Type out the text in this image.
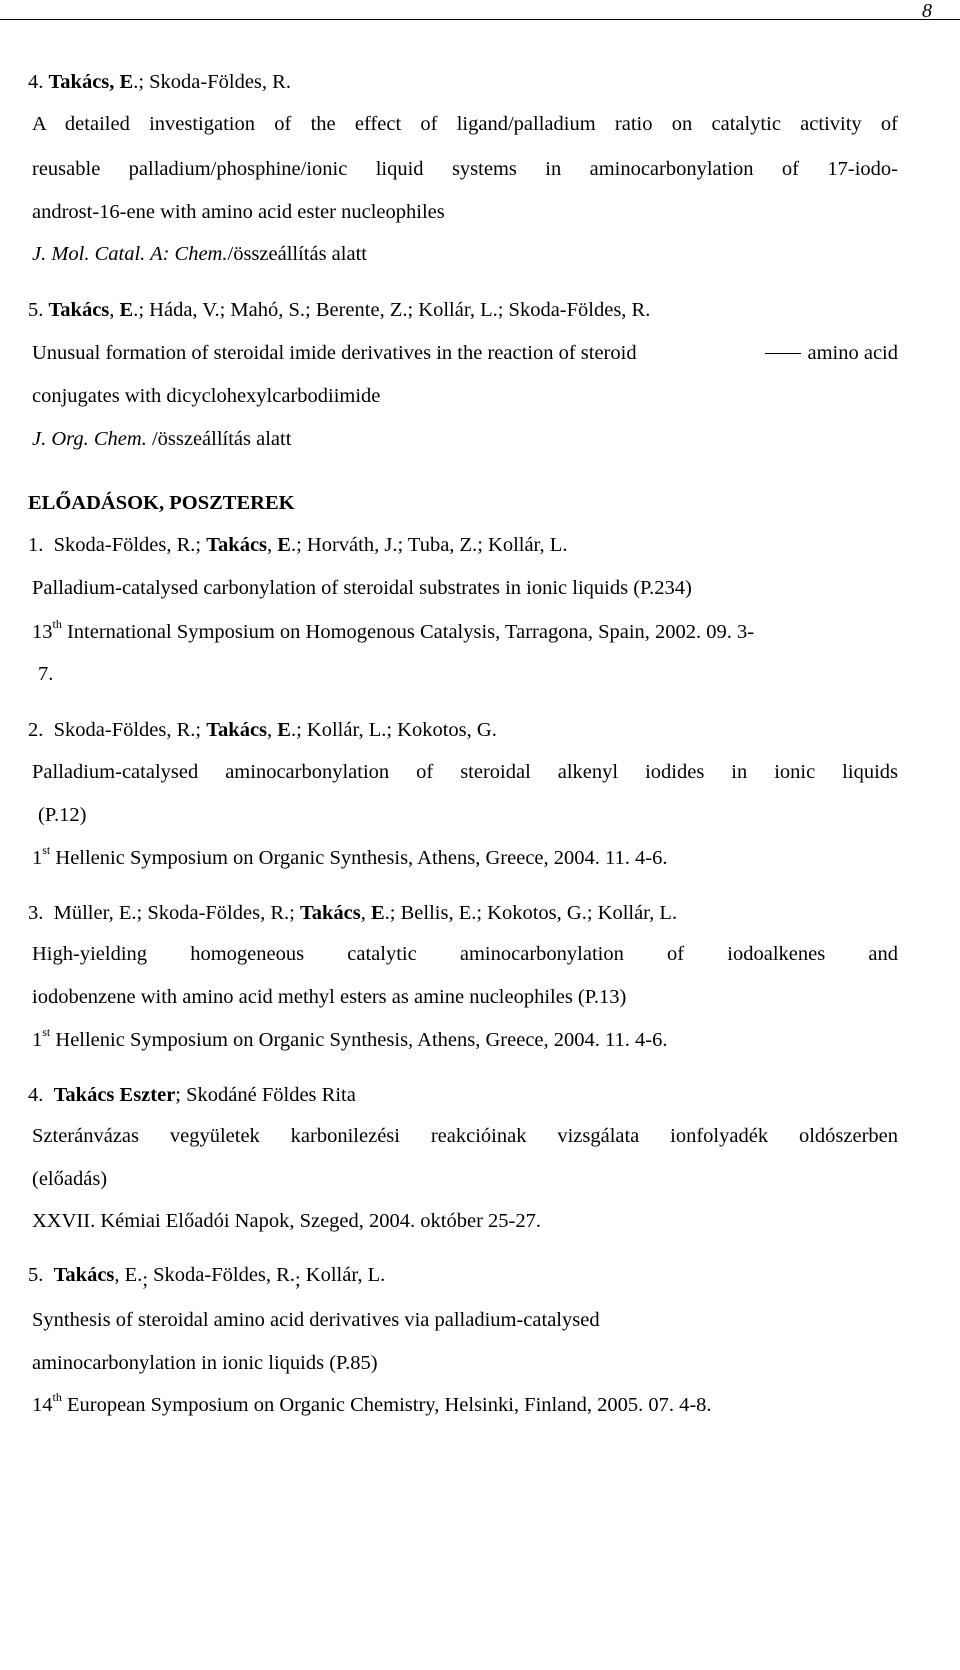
8
4. Takács, E.; Skoda-Földes, R.
A detailed investigation of the effect of ligand/palladium ratio on catalytic activity of
reusable palladium/phosphine/ionic liquid systems in aminocarbonylation of 17-iodo-
androst-16-ene with amino acid ester nucleophiles
J. Mol. Catal. A: Chem./összeállítás alatt
5. Takács, E.; Háda, V.; Mahó, S.; Berente, Z.; Kollár, L.; Skoda-Földes, R.
Unusual formation of steroidal imide derivatives in the reaction of steroid	amino acid
conjugates with dicyclohexylcarbodiimide
J. Org. Chem. /összeállítás alatt
ELŐADÁSOK, POSZTEREK
1. Skoda-Földes, R.; Takács, E.; Horváth, J.; Tuba, Z.; Kollár, L.
Palladium-catalysed carbonylation of steroidal substrates in ionic liquids (P.234)
13th International Symposium on Homogenous Catalysis, Tarragona, Spain, 2002. 09. 3-
7.
2. Skoda-Földes, R.; Takács, E.; Kollár, L.; Kokotos, G.
Palladium-catalysed aminocarbonylation of steroidal alkenyl iodides in ionic liquids
(P.12)
1st Hellenic Symposium on Organic Synthesis, Athens, Greece, 2004. 11. 4-6.
3. Müller, E.; Skoda-Földes, R.; Takács, E.; Bellis, E.; Kokotos, G.; Kollár, L.
High-yielding homogeneous catalytic aminocarbonylation of iodoalkenes and
iodobenzene with amino acid methyl esters as amine nucleophiles (P.13)
1st Hellenic Symposium on Organic Synthesis, Athens, Greece, 2004. 11. 4-6.
4. Takács Eszter; Skodáné Földes Rita
Szteránvázas vegyületek karbonilezési reakcióinak vizsgálata ionfolyadék oldószerben
(előadás)
XXVII. Kémiai Előadói Napok, Szeged, 2004. október 25-27.
5. Takács, E.; Skoda-Földes, R.; Kollár, L.
Synthesis of steroidal amino acid derivatives via palladium-catalysed
aminocarbonylation in ionic liquids (P.85)
14th European Symposium on Organic Chemistry, Helsinki, Finland, 2005. 07. 4-8.
